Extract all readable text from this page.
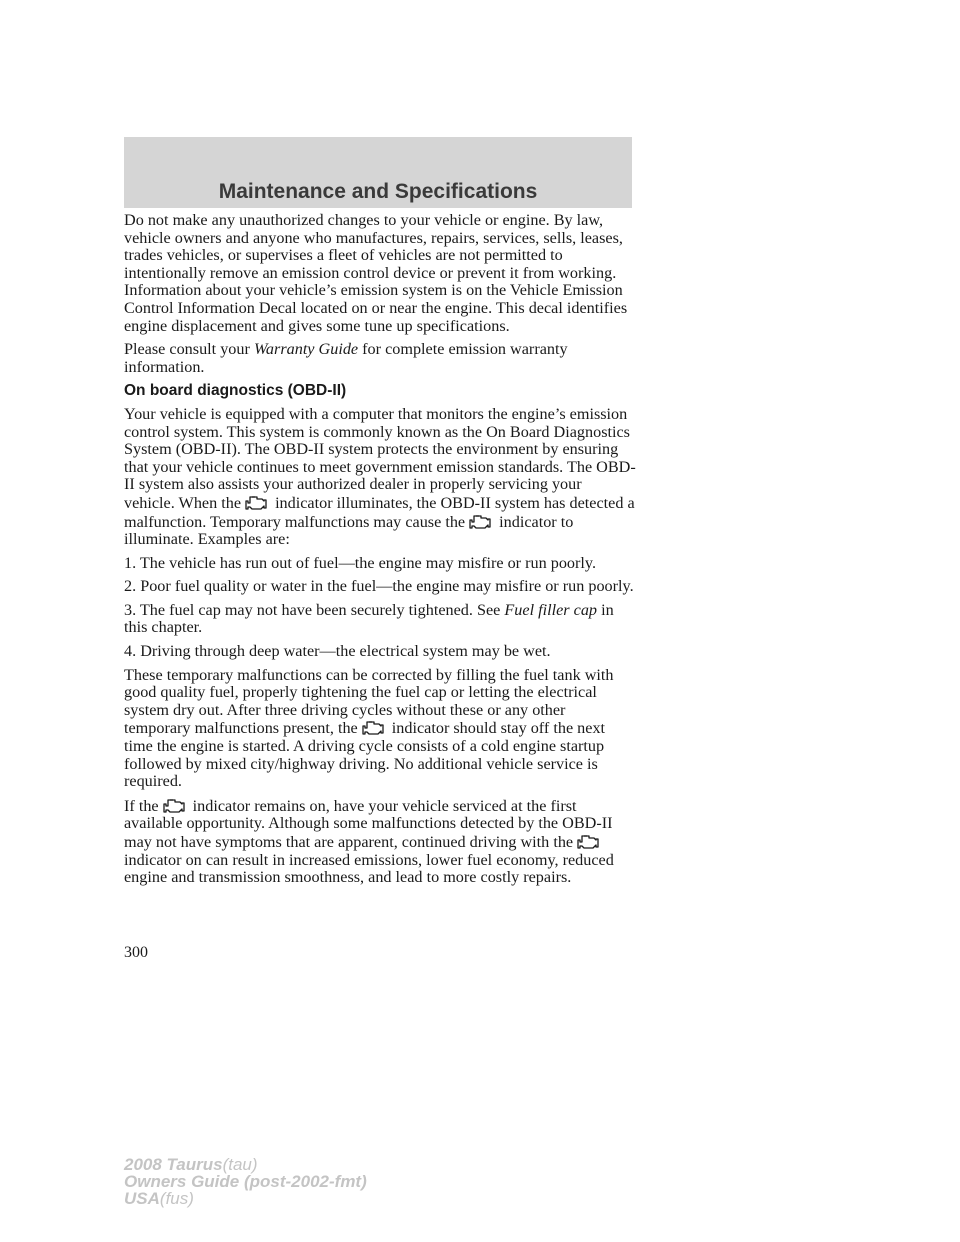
Maintenance and Specifications

Do not make any unauthorized changes to your vehicle or engine. By law, vehicle owners and anyone who manufactures, repairs, services, sells, leases, trades vehicles, or supervises a fleet of vehicles are not permitted to intentionally remove an emission control device or prevent it from working. Information about your vehicle’s emission system is on the Vehicle Emission Control Information Decal located on or near the engine. This decal identifies engine displacement and gives some tune up specifications.

Please consult your Warranty Guide for complete emission warranty information.

On board diagnostics (OBD-II)

Your vehicle is equipped with a computer that monitors the engine’s emission control system. This system is commonly known as the On Board Diagnostics System (OBD-II). The OBD-II system protects the environment by ensuring that your vehicle continues to meet government emission standards. The OBD-II system also assists your authorized dealer in properly servicing your vehicle. When the
indicator illuminates, the OBD-II system has detected a malfunction. Temporary malfunctions may cause the
indicator to illuminate. Examples are:

1. The vehicle has run out of fuel—the engine may misfire or run poorly.

2. Poor fuel quality or water in the fuel—the engine may misfire or run poorly.

3. The fuel cap may not have been securely tightened. See Fuel filler cap in this chapter.

4. Driving through deep water—the electrical system may be wet.

These temporary malfunctions can be corrected by filling the fuel tank with good quality fuel, properly tightening the fuel cap or letting the electrical system dry out. After three driving cycles without these or any other temporary malfunctions present, the
indicator should stay off the next time the engine is started. A driving cycle consists of a cold engine startup followed by mixed city/highway driving. No additional vehicle service is required.

If the
indicator remains on, have your vehicle serviced at the first available opportunity. Although some malfunctions detected by the OBD-II may not have symptoms that are apparent, continued driving with the
indicator on can result in increased emissions, lower fuel economy, reduced engine and transmission smoothness, and lead to more costly repairs.

300
2008 Taurus(tau)
Owners Guide (post-2002-fmt)
USA(fus)
